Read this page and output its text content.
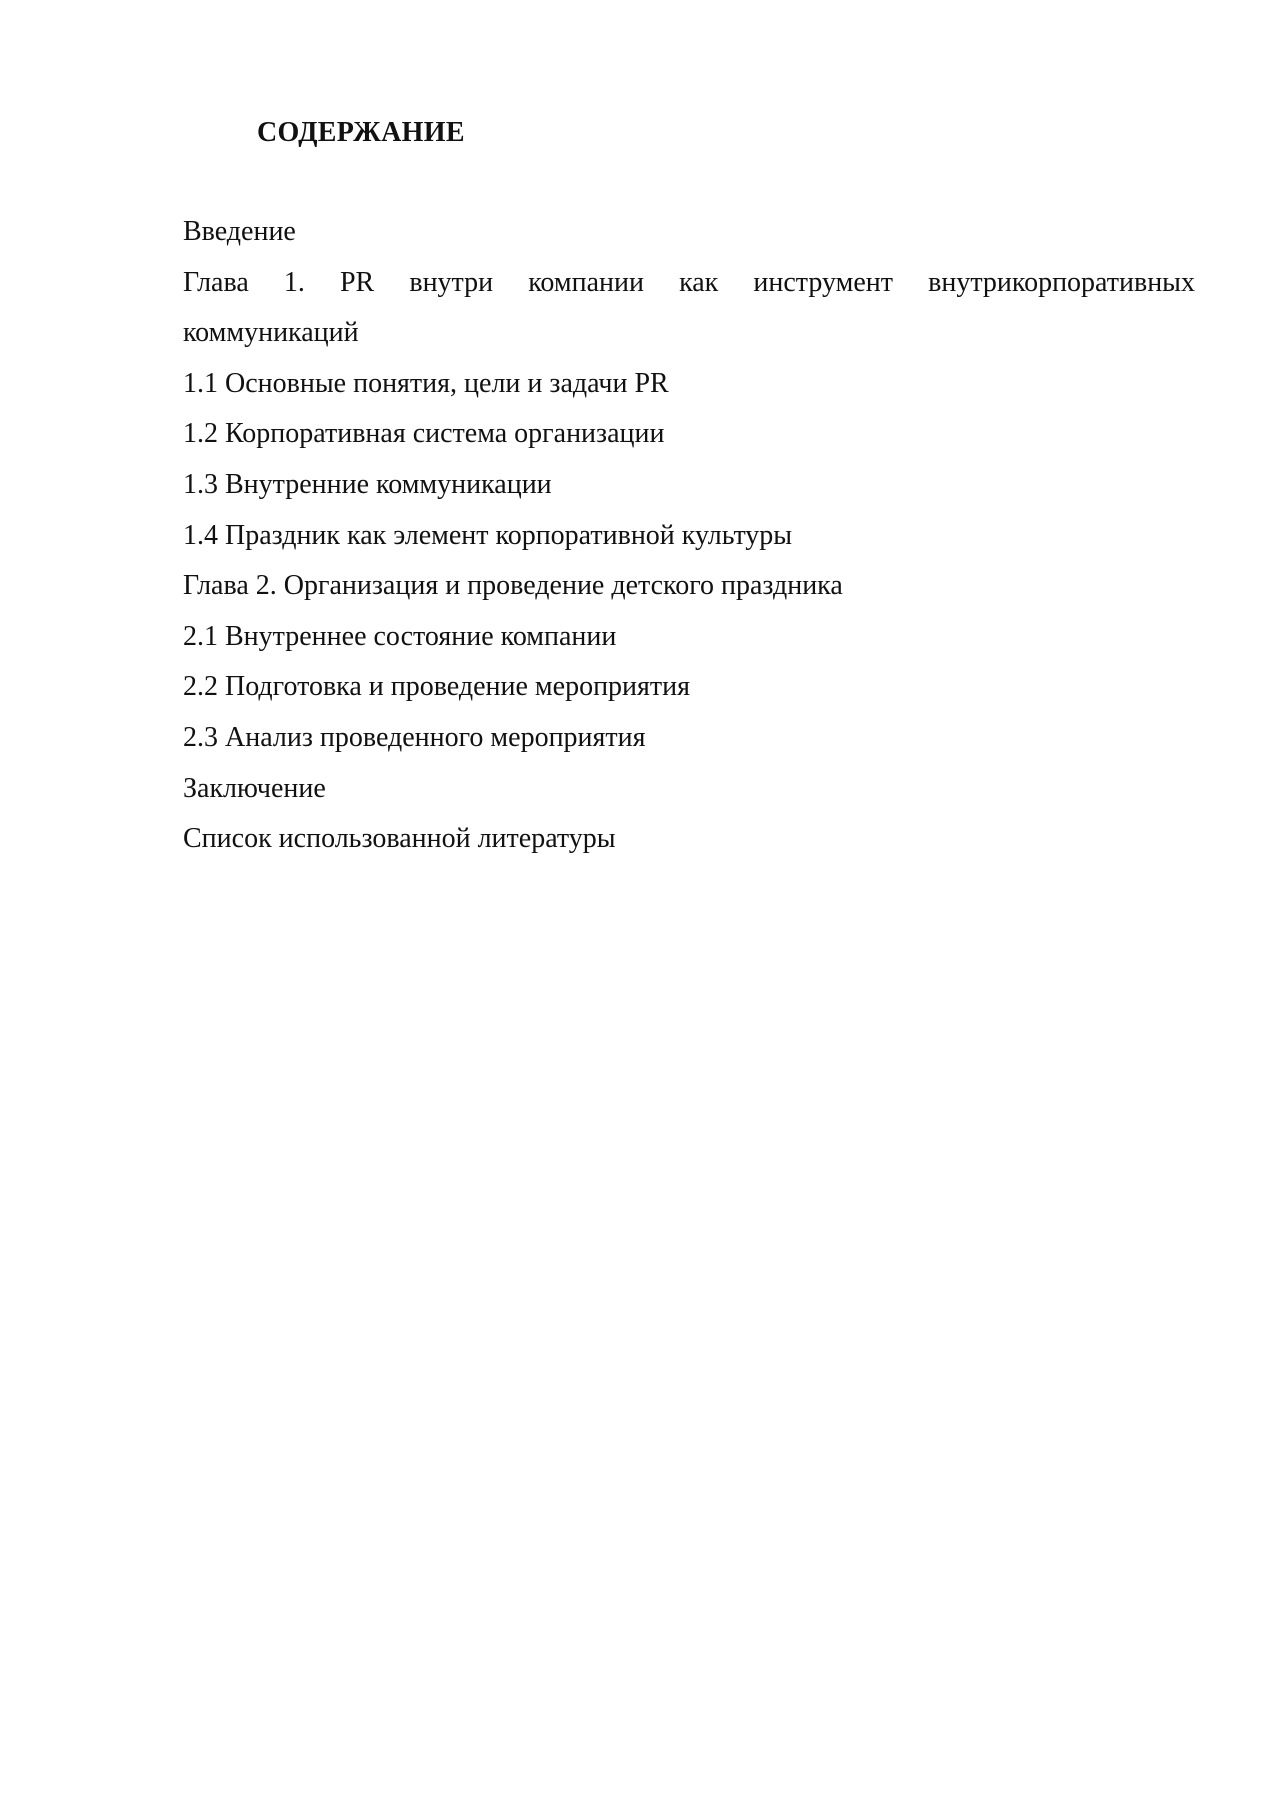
СОДЕРЖАНИЕ
Введение
Глава 1. PR внутри компании как инструмент внутрикорпоративных коммуникаций
1.1 Основные понятия, цели и задачи PR
1.2 Корпоративная система организации
1.3 Внутренние коммуникации
1.4 Праздник как элемент корпоративной культуры
Глава 2. Организация и проведение детского праздника
2.1 Внутреннее состояние компании
2.2 Подготовка и проведение мероприятия
2.3 Анализ проведенного мероприятия
Заключение
Список использованной литературы
